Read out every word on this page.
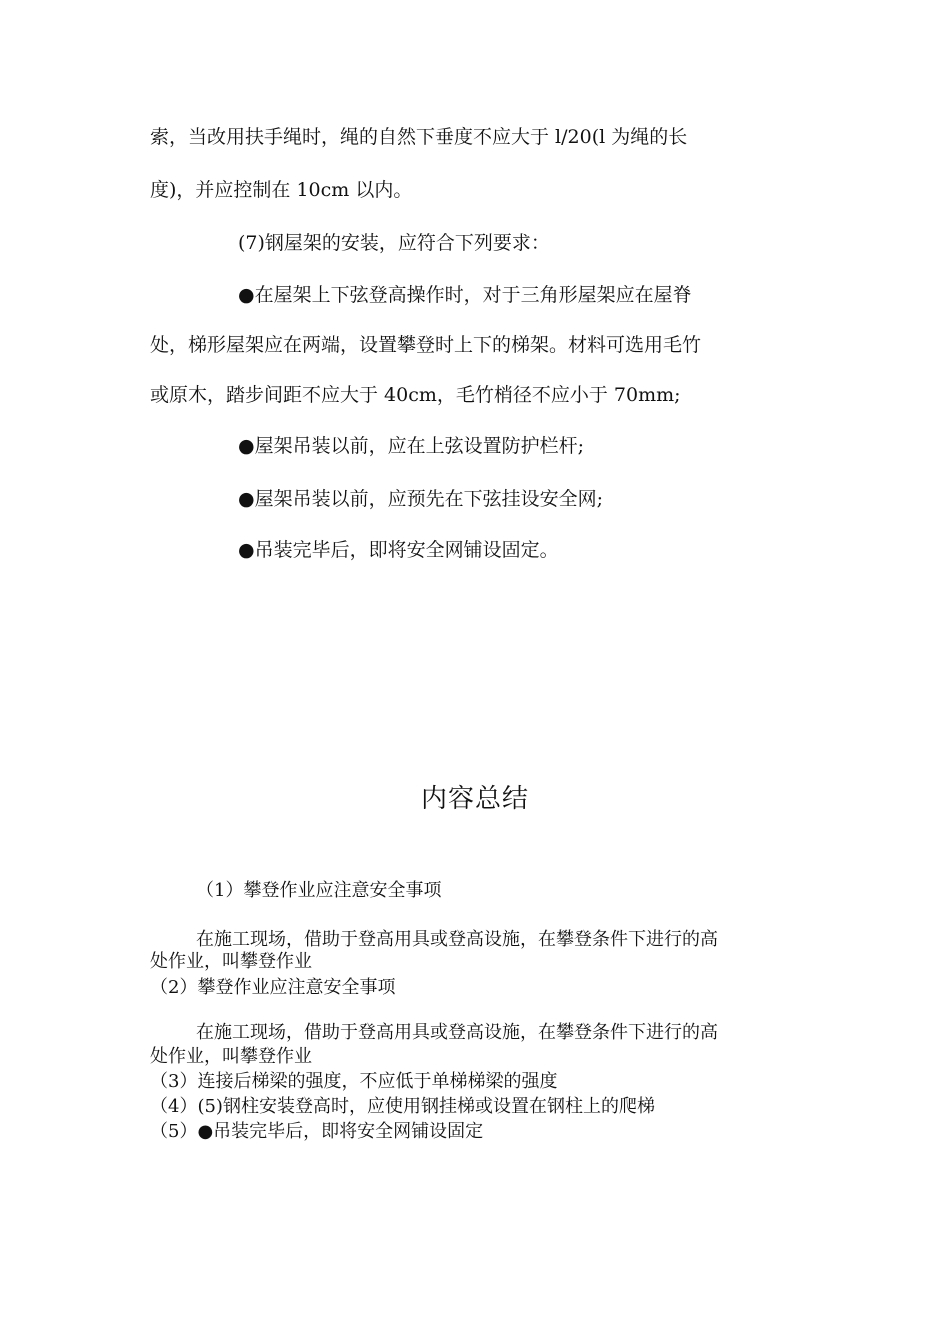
索，当改用扶手绳时，绳的自然下垂度不应大于 l/20(l 为绳的长
度)，并应控制在 10cm 以内。
(7)钢屋架的安装，应符合下列要求：
●在屋架上下弦登高操作时，对于三角形屋架应在屋脊
处，梯形屋架应在两端，设置攀登时上下的梯架。材料可选用毛竹
或原木，踏步间距不应大于 40cm，毛竹梢径不应小于 70mm;
●屋架吊装以前，应在上弦设置防护栏杆;
●屋架吊装以前，应预先在下弦挂设安全网;
●吊装完毕后，即将安全网铺设固定。
内容总结
（1）攀登作业应注意安全事项
在施工现场，借助于登高用具或登高设施，在攀登条件下进行的高
处作业，叫攀登作业
（2）攀登作业应注意安全事项
在施工现场，借助于登高用具或登高设施，在攀登条件下进行的高
处作业，叫攀登作业
（3）连接后梯梁的强度，不应低于单梯梯梁的强度
（4）(5)钢柱安装登高时，应使用钢挂梯或设置在钢柱上的爬梯
（5）●吊装完毕后，即将安全网铺设固定
